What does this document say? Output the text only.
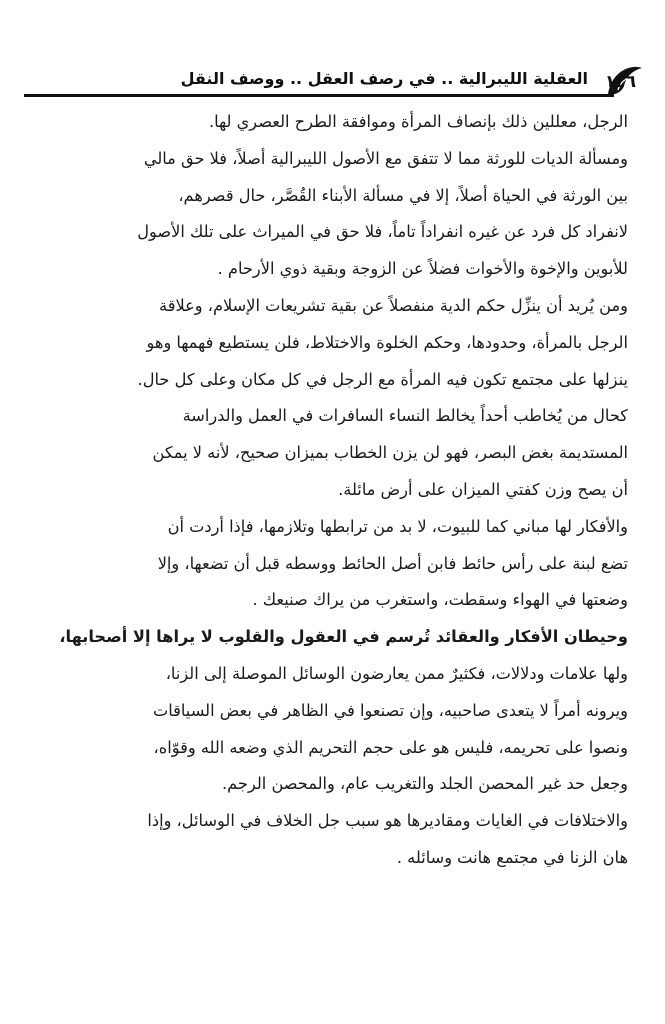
١٣٦
العقلية الليبرالية .. في رصف العقل .. ووصف النقل
الرجل، معللين ذلك بإنصاف المرأة وموافقة الطرح العصري لها.
ومسألة الديات للورثة مما لا تتفق مع الأصول الليبرالية أصلاً، فلا حق مالي
بين الورثة في الحياة أصلاً، إلا في مسألة الأبناء القُصَّر، حال قصرهم،
لانفراد كل فرد عن غيره انفراداً تاماً، فلا حق في الميراث على تلك الأصول
للأبوين والإخوة والأخوات فضلاً عن الزوجة وبقية ذوي الأرحام .
ومن يُريد أن ينزِّل حكم الدية منفصلاً عن بقية تشريعات الإسلام، وعلاقة
الرجل بالمرأة، وحدودها، وحكم الخلوة والاختلاط، فلن يستطيع فهمها وهو
ينزلها على مجتمع تكون فيه المرأة مع الرجل في كل مكان وعلى كل حال.
كحال من يُخاطب أحداً يخالط النساء السافرات في العمل والدراسة
المستديمة بغض البصر، فهو لن يزن الخطاب بميزان صحيح، لأنه لا يمكن
أن يصح وزن كفتي الميزان على أرض مائلة.
والأفكار لها مباني كما للبيوت، لا بد من ترابطها وتلازمها، فإذا أردت أن
تضع لبنة على رأس حائط فابن أصل الحائط ووسطه قبل أن تضعها، وإلا
وضعتها في الهواء وسقطت، واستغرب من يراك صنيعك .
وحيطان الأفكار والعقائد تُرسم في العقول والقلوب لا يراها إلا أصحابها،
ولها علامات ودلالات، فكثيرٌ ممن يعارضون الوسائل الموصلة إلى الزنا،
ويرونه أمراً لا يتعدى صاحبيه، وإن تصنعوا في الظاهر في بعض السياقات
ونصوا على تحريمه، فليس هو على حجم التحريم الذي وضعه الله وقوّاه،
وجعل حد غير المحصن الجلد والتغريب عام، والمحصن الرجم.
والاختلافات في الغايات ومقاديرها هو سبب جل الخلاف في الوسائل، وإذا
هان الزنا في مجتمع هانت وسائله .
